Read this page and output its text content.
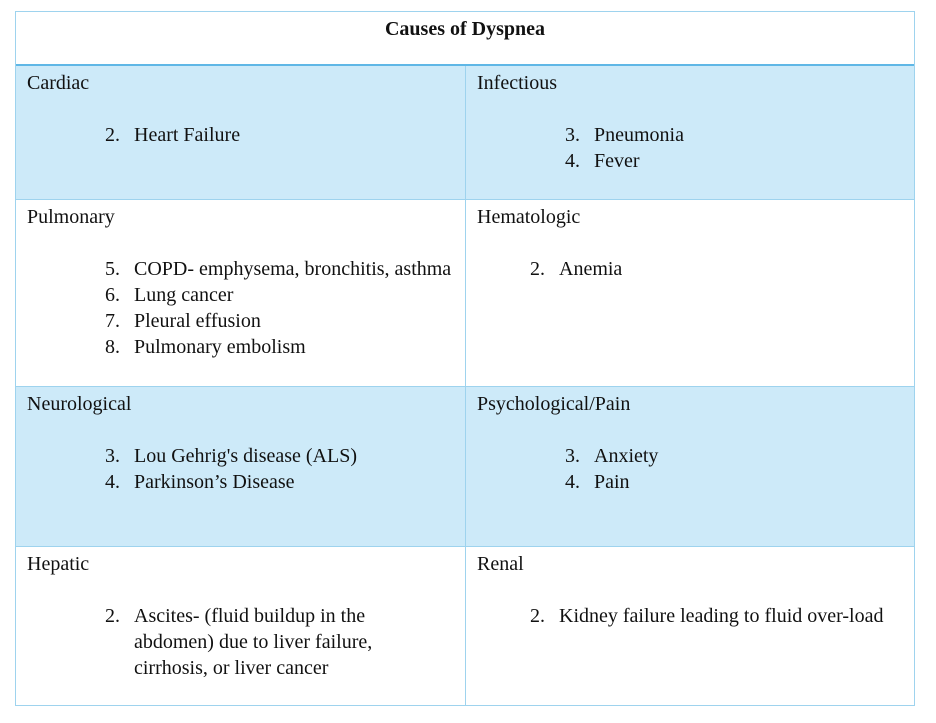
Causes of Dyspnea

Cardiac

2. Heart Failure

Infectious

3. Pneumonia
4. Fever

Pulmonary

5. COPD- emphysema, bronchitis, asthma
6. Lung cancer
7. Pleural effusion
8. Pulmonary embolism

Hematologic

2. Anemia

Neurological

3. Lou Gehrig's disease (ALS)
4. Parkinson’s Disease

Psychological/Pain

3. Anxiety
4. Pain

Hepatic

2. Ascites- (fluid buildup in the abdomen) due to liver failure, cirrhosis, or liver cancer

Renal

2. Kidney failure leading to fluid over-load
